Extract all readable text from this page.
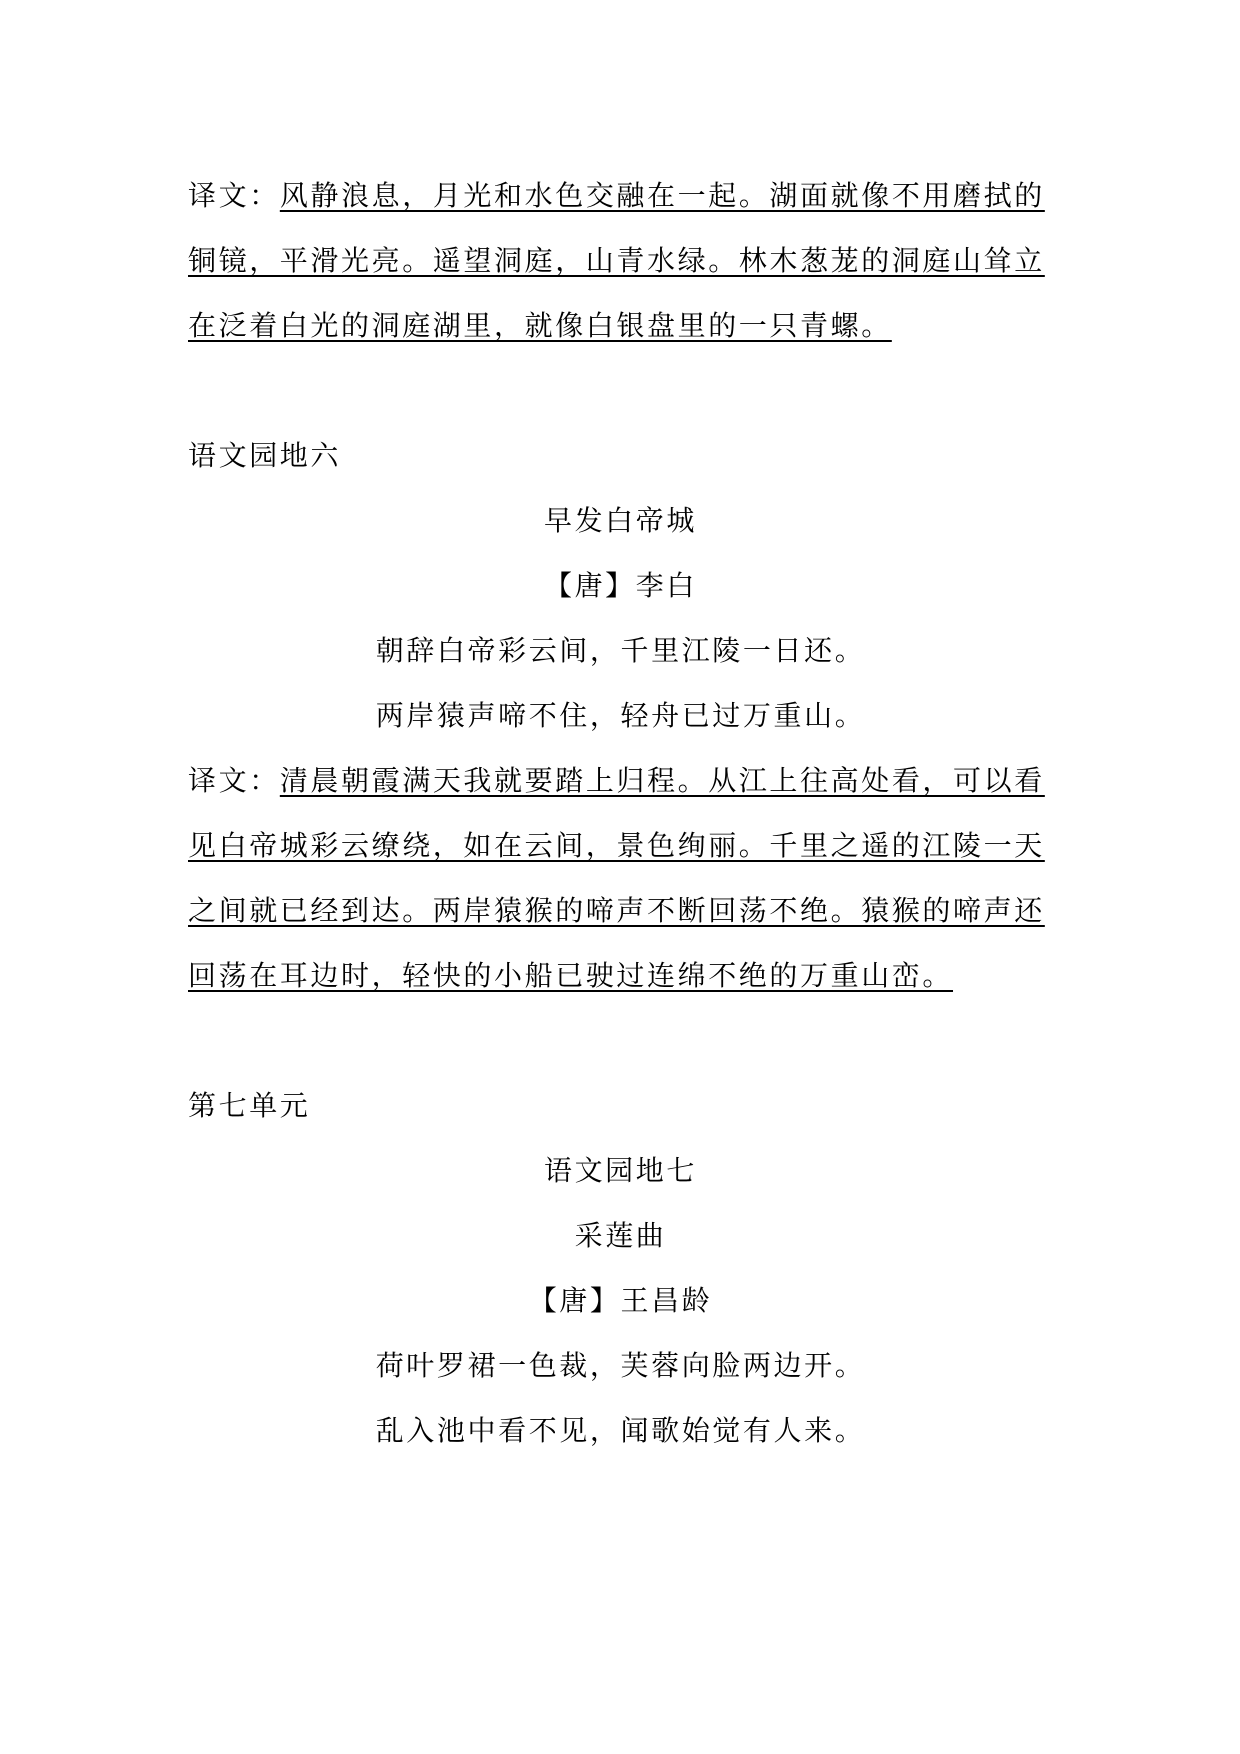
译文：风静浪息，月光和水色交融在一起。湖面就像不用磨拭的
铜镜，平滑光亮。遥望洞庭，山青水绿。林木葱茏的洞庭山耸立
在泛着白光的洞庭湖里，就像白银盘里的一只青螺。
语文园地六
早发白帝城
【唐】李白
朝辞白帝彩云间，千里江陵一日还。
两岸猿声啼不住，轻舟已过万重山。
译文：清晨朝霞满天我就要踏上归程。从江上往高处看，可以看
见白帝城彩云缭绕，如在云间，景色绚丽。千里之遥的江陵一天
之间就已经到达。两岸猿猴的啼声不断回荡不绝。猿猴的啼声还
回荡在耳边时，轻快的小船已驶过连绵不绝的万重山峦。
第七单元
语文园地七
采莲曲
【唐】王昌龄
荷叶罗裙一色裁，芙蓉向脸两边开。
乱入池中看不见，闻歌始觉有人来。
